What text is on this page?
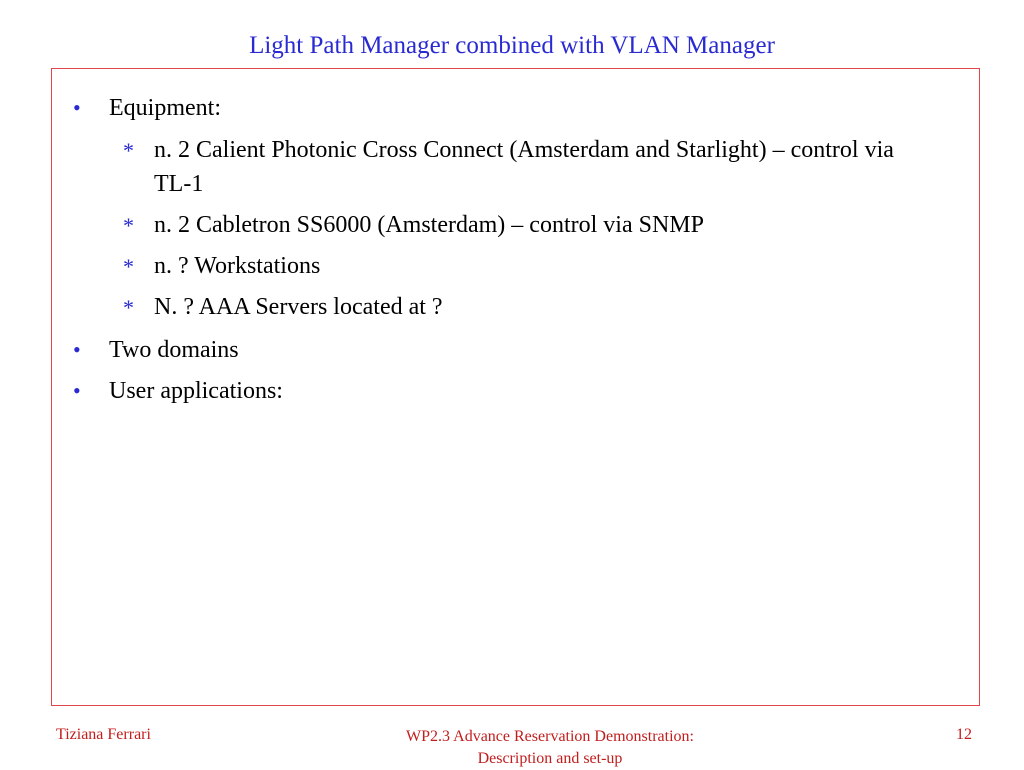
Light Path Manager combined with VLAN Manager
• Equipment:
* n. 2 Calient Photonic Cross Connect (Amsterdam and Starlight) – control via TL-1
* n. 2 Cabletron SS6000 (Amsterdam) – control via SNMP
* n. ? Workstations
* N. ? AAA Servers located at ?
• Two domains
• User applications:
Tiziana Ferrari	WP2.3 Advance Reservation Demonstration:
Description and set-up
12
